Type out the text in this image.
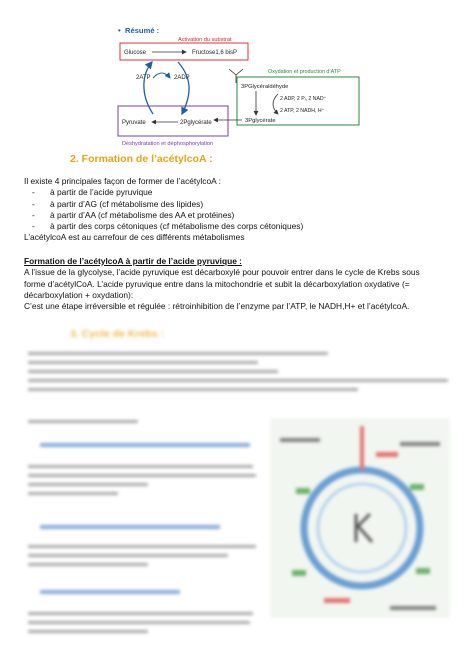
• Résumé :
Activation du substrat
Glucose	Fructose1,6 bisP
2ATP	2ADP
Oxydation et production d’ATP
3PGlycéraldéhyde
2 ADP, 2 Pᵢ, 2 NAD⁺
2 ATP, 2 NADH, H⁺
3Pglycérate
Pyruvate	2Pglycérate
Déshydratation et déphosphorylation
2. Formation de l’acétylcoA :
Il existe 4 principales façon de former de l’acétylcoA :
- à partir de l’acide pyruvique
- à partir d’AG (cf métabolisme des lipides)
- à partir d’AA (cf métabolisme des AA et protéines)
- à partir des corps cétoniques (cf métabolisme des corps cétoniques)
L’acétylcoA est au carrefour de ces différents métabolismes
Formation de l’acétylcoA à partir de l’acide pyruvique :
A l’issue de la glycolyse, l’acide pyruvique est décarboxylé pour pouvoir entrer dans le cycle de Krebs sous
forme d’acétylCoA. L’acide pyruvique entre dans la mitochondrie et subit la décarboxylation oxydative (=
décarboxylation + oxydation):
C’est une étape irréversible et régulée : rétroinhibition de l’enzyme par l’ATP, le NADH,H+ et l’acétylcoA.
3. Cycle de Krebs :
